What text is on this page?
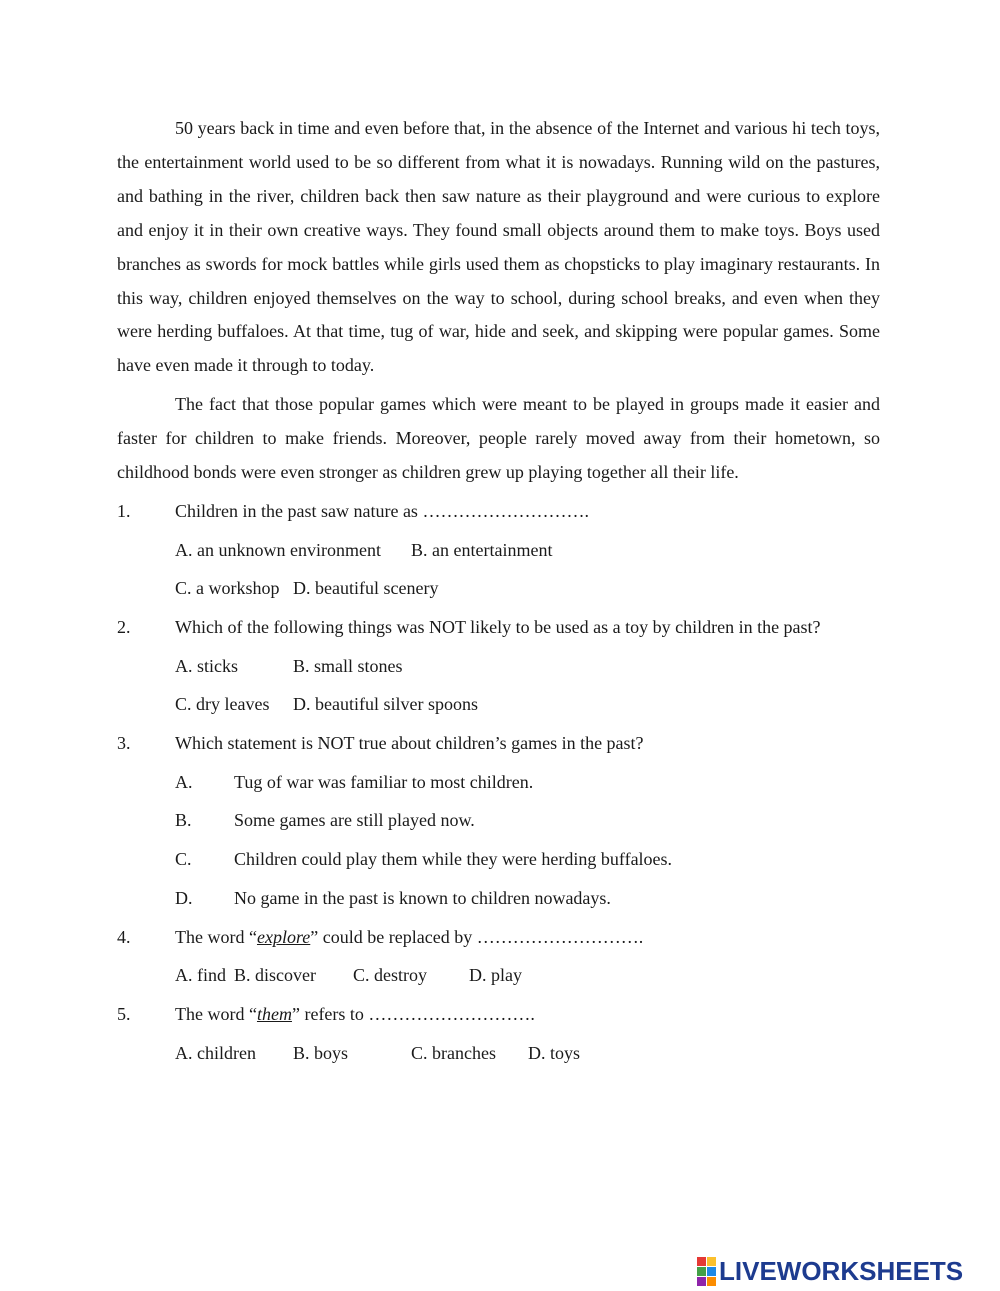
50 years back in time and even before that, in the absence of the Internet and various hi tech toys, the entertainment world used to be so different from what it is nowadays. Running wild on the pastures, and bathing in the river, children back then saw nature as their playground and were curious to explore and enjoy it in their own creative ways. They found small objects around them to make toys. Boys used branches as swords for mock battles while girls used them as chopsticks to play imaginary restaurants. In this way, children enjoyed themselves on the way to school, during school breaks, and even when they were herding buffaloes. At that time, tug of war, hide and seek, and skipping were popular games. Some have even made it through to today.

The fact that those popular games which were meant to be played in groups made it easier and faster for children to make friends. Moreover, people rarely moved away from their hometown, so childhood bonds were even stronger as children grew up playing together all their life.

1. Children in the past saw nature as ……………………….
A. an unknown environment B. an entertainment
C. a workshop D. beautiful scenery
2. Which of the following things was NOT likely to be used as a toy by children in the past?
A. sticks	B. small stones
C. dry leaves D. beautiful silver spoons
3. Which statement is NOT true about children’s games in the past?
A. Tug of war was familiar to most children.
B. Some games are still played now.
C. Children could play them while they were herding buffaloes.
D. No game in the past is known to children nowadays.
4. The word “explore” could be replaced by ……………………….
A. find B. discover C. destroy D. play
5. The word “them” refers to ……………………….
A. children B. boys	C. branches D. toys
LIVEWORKSHEETS
